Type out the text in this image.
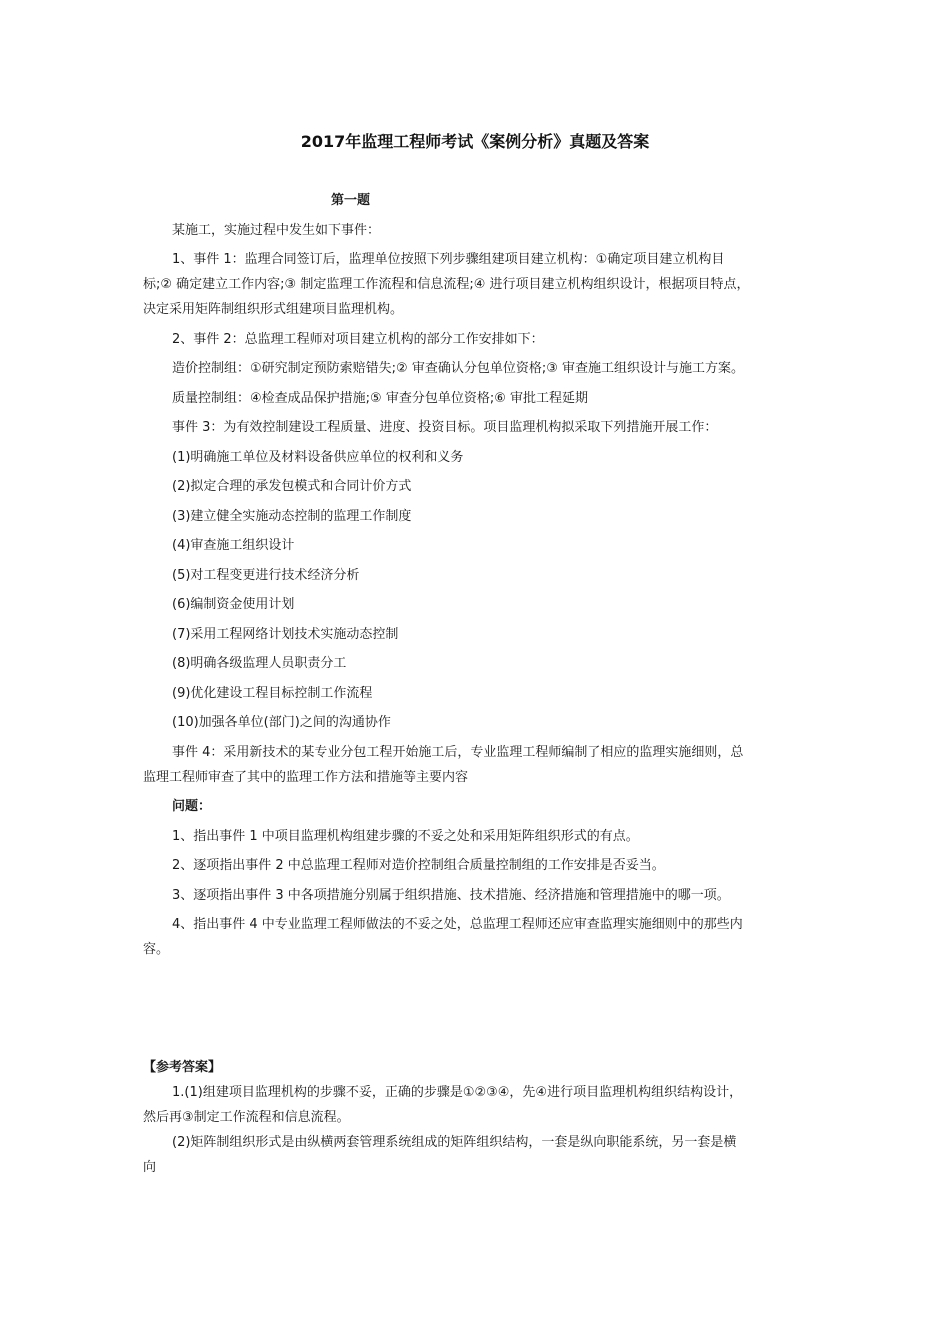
2017年监理工程师考试《案例分析》真题及答案

第一题

某施工，实施过程中发生如下事件：

1、事件 1：监理合同签订后，监理单位按照下列步骤组建项目建立机构：①确定项目建立机构目

标;② 确定建立工作内容;③ 制定监理工作流程和信息流程;④ 进行项目建立机构组织设计，根据项目特点，

决定采用矩阵制组织形式组建项目监理机构。

2、事件 2：总监理工程师对项目建立机构的部分工作安排如下：

造价控制组：①研究制定预防索赔错失;② 审查确认分包单位资格;③ 审查施工组织设计与施工方案。

质量控制组：④检查成品保护措施;⑤ 审查分包单位资格;⑥ 审批工程延期

事件 3：为有效控制建设工程质量、进度、投资目标。项目监理机构拟采取下列措施开展工作：

(1)明确施工单位及材料设备供应单位的权利和义务

(2)拟定合理的承发包模式和合同计价方式

(3)建立健全实施动态控制的监理工作制度

(4)审查施工组织设计

(5)对工程变更进行技术经济分析

(6)编制资金使用计划

(7)采用工程网络计划技术实施动态控制

(8)明确各级监理人员职责分工

(9)优化建设工程目标控制工作流程

(10)加强各单位(部门)之间的沟通协作

事件 4：采用新技术的某专业分包工程开始施工后，专业监理工程师编制了相应的监理实施细则，总

监理工程师审查了其中的监理工作方法和措施等主要内容

问题：

1、指出事件 1 中项目监理机构组建步骤的不妥之处和采用矩阵组织形式的有点。

2、逐项指出事件 2 中总监理工程师对造价控制组合质量控制组的工作安排是否妥当。

3、逐项指出事件 3 中各项措施分别属于组织措施、技术措施、经济措施和管理措施中的哪一项。

4、指出事件 4 中专业监理工程师做法的不妥之处，总监理工程师还应审查监理实施细则中的那些内

容。

【参考答案】

1.(1)组建项目监理机构的步骤不妥，正确的步骤是①②③④，先④进行项目监理机构组织结构设计，

然后再③制定工作流程和信息流程。

(2)矩阵制组织形式是由纵横两套管理系统组成的矩阵组织结构，一套是纵向职能系统，另一套是横

向
